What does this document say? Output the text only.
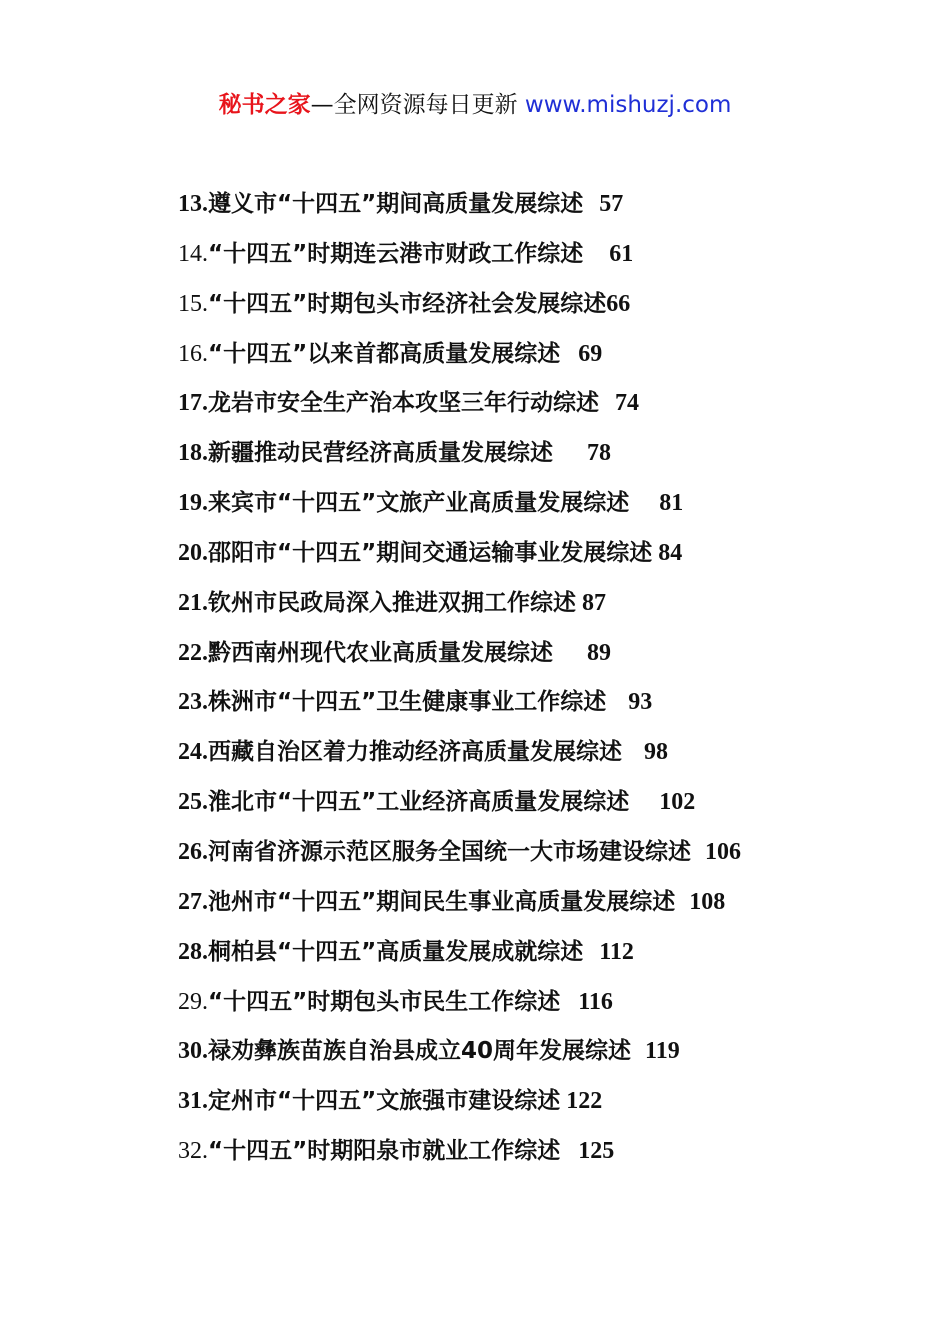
秘书之家—全网资源每日更新 www.mishuzj.com
13.遵义市“十四五”期间高质量发展综述 57
14.“十四五”时期连云港市财政工作综述 61
15.“十四五”时期包头市经济社会发展综述66
16.“十四五”以来首都高质量发展综述 69
17.龙岩市安全生产治本攻坚三年行动综述 74
18.新疆推动民营经济高质量发展综述 78
19.来宾市“十四五”文旅产业高质量发展综述 81
20.邵阳市“十四五”期间交通运输事业发展综述 84
21.钦州市民政局深入推进双拥工作综述 87
22.黔西南州现代农业高质量发展综述 89
23.株洲市“十四五”卫生健康事业工作综述 93
24.西藏自治区着力推动经济高质量发展综述 98
25.淮北市“十四五”工业经济高质量发展综述 102
26.河南省济源示范区服务全国统一大市场建设综述 106
27.池州市“十四五”期间民生事业高质量发展综述 108
28.桐柏县“十四五”高质量发展成就综述 112
29.“十四五”时期包头市民生工作综述 116
30.禄劝彝族苗族自治县成立40周年发展综述 119
31.定州市“十四五”文旅强市建设综述 122
32.“十四五”时期阳泉市就业工作综述 125
